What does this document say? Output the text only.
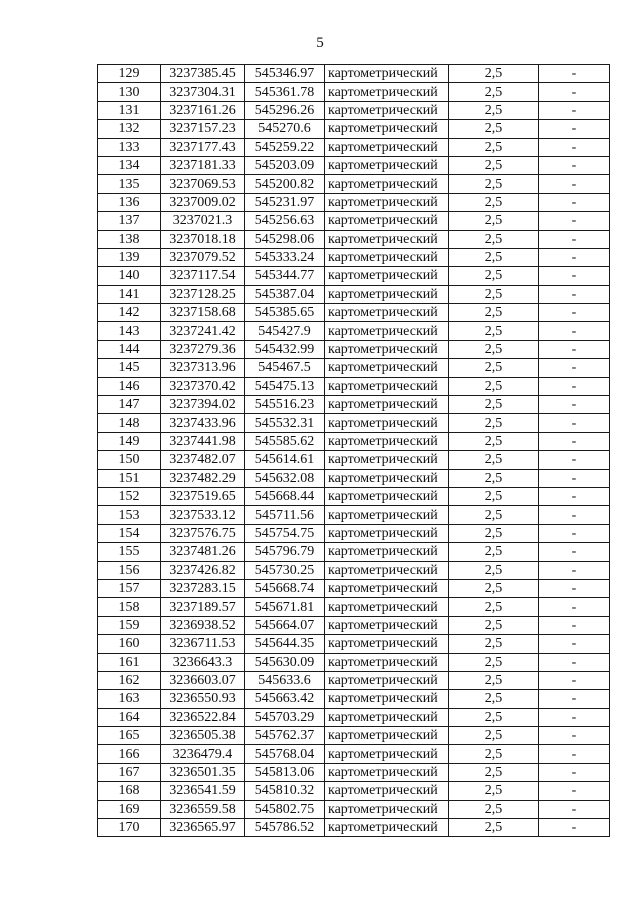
5
129	3237385.45	545346.97	картометрический	2,5	-
130	3237304.31	545361.78	картометрический	2,5	-
131	3237161.26	545296.26	картометрический	2,5	-
132	3237157.23	545270.6	картометрический	2,5	-
133	3237177.43	545259.22	картометрический	2,5	-
134	3237181.33	545203.09	картометрический	2,5	-
135	3237069.53	545200.82	картометрический	2,5	-
136	3237009.02	545231.97	картометрический	2,5	-
137	3237021.3	545256.63	картометрический	2,5	-
138	3237018.18	545298.06	картометрический	2,5	-
139	3237079.52	545333.24	картометрический	2,5	-
140	3237117.54	545344.77	картометрический	2,5	-
141	3237128.25	545387.04	картометрический	2,5	-
142	3237158.68	545385.65	картометрический	2,5	-
143	3237241.42	545427.9	картометрический	2,5	-
144	3237279.36	545432.99	картометрический	2,5	-
145	3237313.96	545467.5	картометрический	2,5	-
146	3237370.42	545475.13	картометрический	2,5	-
147	3237394.02	545516.23	картометрический	2,5	-
148	3237433.96	545532.31	картометрический	2,5	-
149	3237441.98	545585.62	картометрический	2,5	-
150	3237482.07	545614.61	картометрический	2,5	-
151	3237482.29	545632.08	картометрический	2,5	-
152	3237519.65	545668.44	картометрический	2,5	-
153	3237533.12	545711.56	картометрический	2,5	-
154	3237576.75	545754.75	картометрический	2,5	-
155	3237481.26	545796.79	картометрический	2,5	-
156	3237426.82	545730.25	картометрический	2,5	-
157	3237283.15	545668.74	картометрический	2,5	-
158	3237189.57	545671.81	картометрический	2,5	-
159	3236938.52	545664.07	картометрический	2,5	-
160	3236711.53	545644.35	картометрический	2,5	-
161	3236643.3	545630.09	картометрический	2,5	-
162	3236603.07	545633.6	картометрический	2,5	-
163	3236550.93	545663.42	картометрический	2,5	-
164	3236522.84	545703.29	картометрический	2,5	-
165	3236505.38	545762.37	картометрический	2,5	-
166	3236479.4	545768.04	картометрический	2,5	-
167	3236501.35	545813.06	картометрический	2,5	-
168	3236541.59	545810.32	картометрический	2,5	-
169	3236559.58	545802.75	картометрический	2,5	-
170	3236565.97	545786.52	картометрический	2,5	-
